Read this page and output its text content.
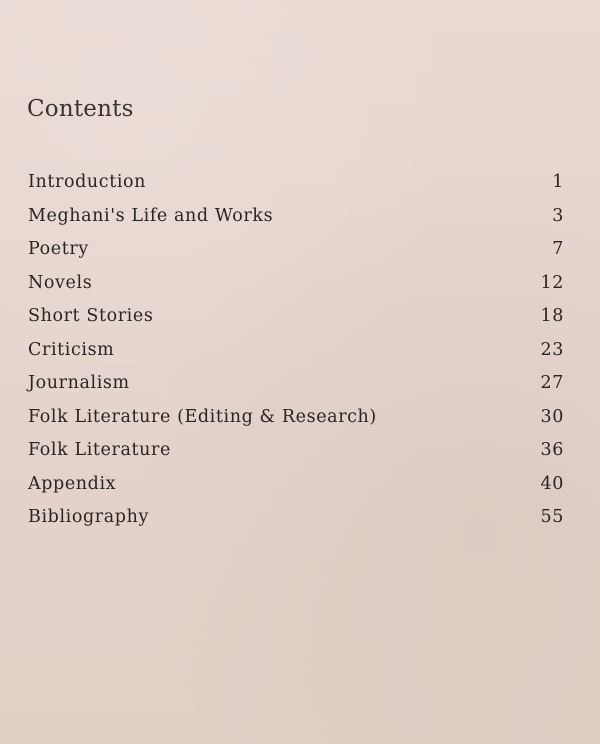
Contents
Introduction	1
Meghani's Life and Works	3
Poetry	7
Novels	12
Short Stories	18
Criticism	23
Journalism	27
Folk Literature (Editing & Research)	30
Folk Literature	36
Appendix	40
Bibliography	55
